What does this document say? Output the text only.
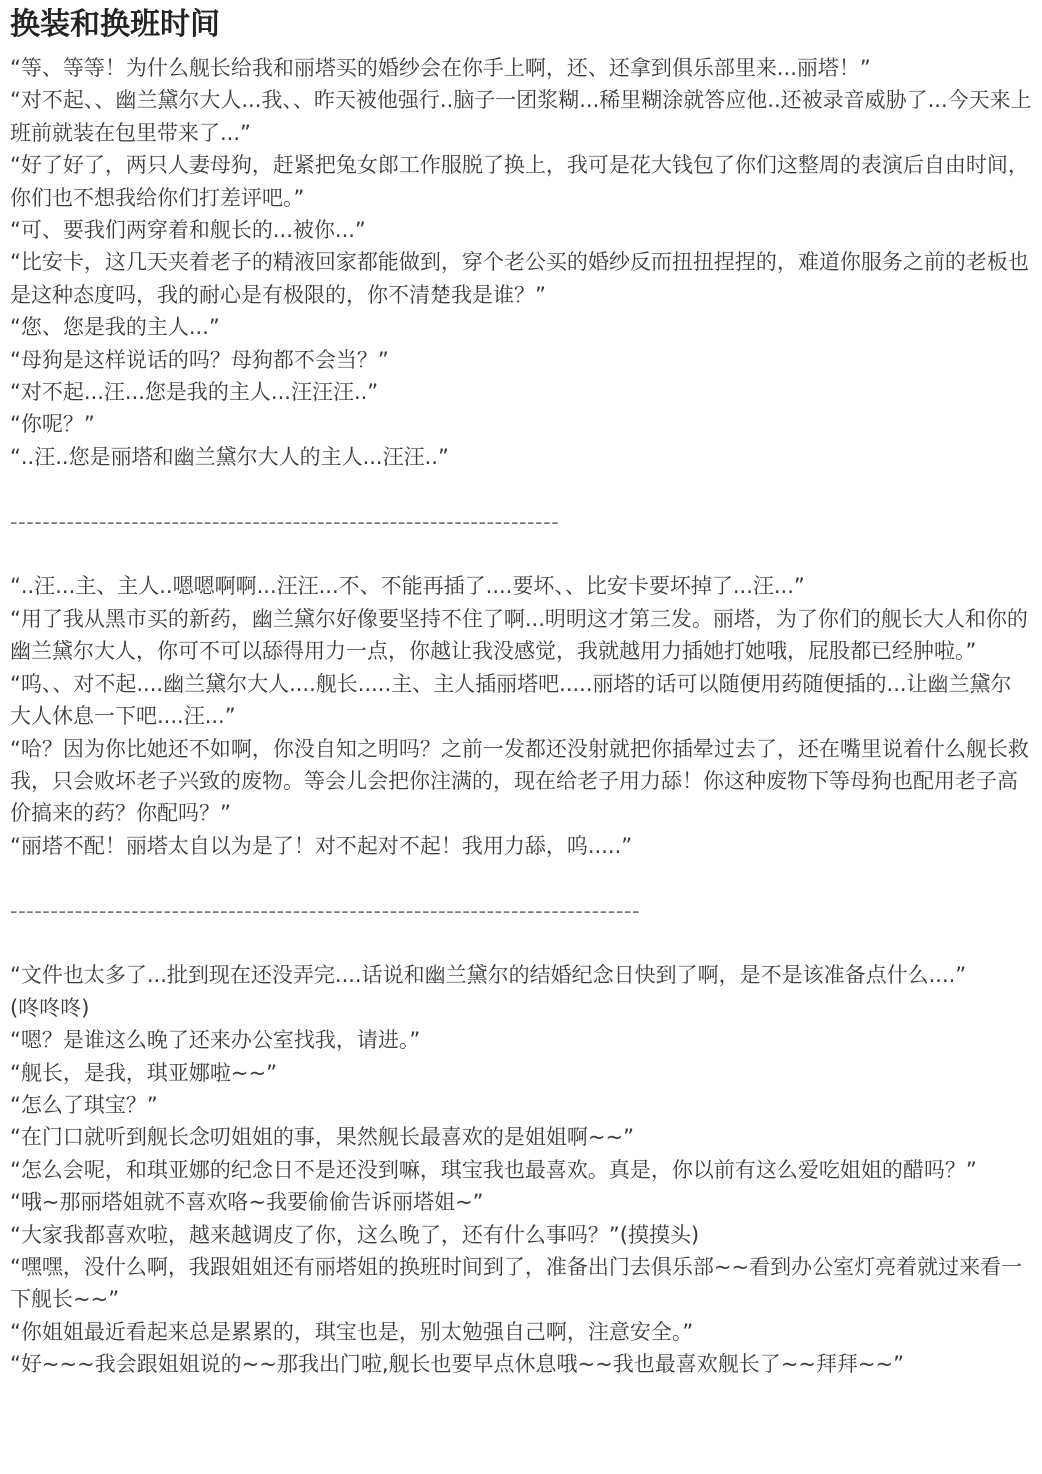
换装和换班时间

“等、等等！为什么舰长给我和丽塔买的婚纱会在你手上啊，还、还拿到俱乐部里来...丽塔！”

“对不起、、幽兰黛尔大人...我、、昨天被他强行..脑子一团浆糊...稀里糊涂就答应他..还被录音威胁了...今天来上班前就装在包里带来了...”

“好了好了，两只人妻母狗，赶紧把兔女郎工作服脱了换上，我可是花大钱包了你们这整周的表演后自由时间，你们也不想我给你们打差评吧。”

“可、要我们两穿着和舰长的...被你...”

“比安卡，这几天夹着老子的精液回家都能做到，穿个老公买的婚纱反而扭扭捏捏的，难道你服务之前的老板也是这种态度吗，我的耐心是有极限的，你不清楚我是谁？”

“您、您是我的主人...”

“母狗是这样说话的吗？母狗都不会当？”

“对不起...汪...您是我的主人...汪汪汪..”

“你呢？”

“..汪..您是丽塔和幽兰黛尔大人的主人...汪汪..”

--------------------------------------------------------------------

“..汪...主、主人..嗯嗯啊啊...汪汪...不、不能再插了....要坏、、比安卡要坏掉了...汪...”

“用了我从黑市买的新药，幽兰黛尔好像要坚持不住了啊...明明这才第三发。丽塔，为了你们的舰长大人和你的幽兰黛尔大人，你可不可以舔得用力一点，你越让我没感觉，我就越用力插她打她哦，屁股都已经肿啦。”

“呜、、对不起....幽兰黛尔大人....舰长.....主、主人插丽塔吧.....丽塔的话可以随便用药随便插的...让幽兰黛尔大人休息一下吧....汪...”

“哈？因为你比她还不如啊，你没自知之明吗？之前一发都还没射就把你插晕过去了，还在嘴里说着什么舰长救我，只会败坏老子兴致的废物。等会儿会把你注满的，现在给老子用力舔！你这种废物下等母狗也配用老子高价搞来的药？你配吗？”

“丽塔不配！丽塔太自以为是了！对不起对不起！我用力舔，呜.....”

------------------------------------------------------------------------------

“文件也太多了...批到现在还没弄完....话说和幽兰黛尔的结婚纪念日快到了啊，是不是该准备点什么....”

(咚咚咚)

“嗯？是谁这么晚了还来办公室找我，请进。”

“舰长，是我，琪亚娜啦~~”

“怎么了琪宝？”

“在门口就听到舰长念叨姐姐的事，果然舰长最喜欢的是姐姐啊~~”

“怎么会呢，和琪亚娜的纪念日不是还没到嘛，琪宝我也最喜欢。真是，你以前有这么爱吃姐姐的醋吗？”

“哦~那丽塔姐就不喜欢咯~我要偷偷告诉丽塔姐~”

“大家我都喜欢啦，越来越调皮了你，这么晚了，还有什么事吗？”(摸摸头)

“嘿嘿，没什么啊，我跟姐姐还有丽塔姐的换班时间到了，准备出门去俱乐部~~看到办公室灯亮着就过来看一下舰长~~”

“你姐姐最近看起来总是累累的，琪宝也是，别太勉强自己啊，注意安全。”

“好~~~我会跟姐姐说的~~那我出门啦,舰长也要早点休息哦~~我也最喜欢舰长了~~拜拜~~”
